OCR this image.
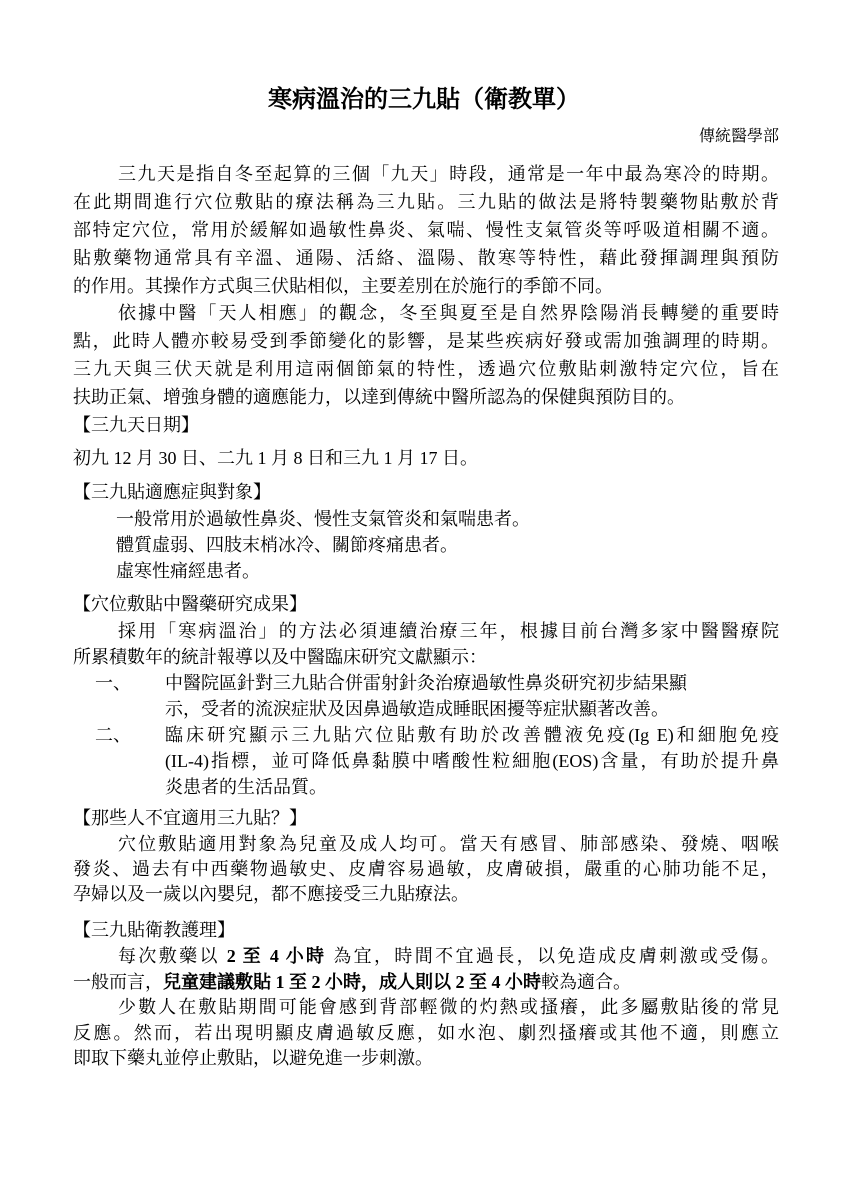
寒病溫治的三九貼（衛教單）
傳統醫學部
三九天是指自冬至起算的三個「九天」時段，通常是一年中最為寒冷的時期。
在此期間進行穴位敷貼的療法稱為三九貼。三九貼的做法是將特製藥物貼敷於背
部特定穴位，常用於緩解如過敏性鼻炎、氣喘、慢性支氣管炎等呼吸道相關不適。
貼敷藥物通常具有辛溫、通陽、活絡、溫陽、散寒等特性，藉此發揮調理與預防
的作用。其操作方式與三伏貼相似，主要差別在於施行的季節不同。
依據中醫「天人相應」的觀念，冬至與夏至是自然界陰陽消長轉變的重要時
點，此時人體亦較易受到季節變化的影響，是某些疾病好發或需加強調理的時期。
三九天與三伏天就是利用這兩個節氣的特性，透過穴位敷貼刺激特定穴位，旨在
扶助正氣、增強身體的適應能力，以達到傳統中醫所認為的保健與預防目的。
【三九天日期】
初九 12 月 30 日、二九 1 月 8 日和三九 1 月 17 日。
【三九貼適應症與對象】
一般常用於過敏性鼻炎、慢性支氣管炎和氣喘患者。
體質虛弱、四肢末梢冰冷、關節疼痛患者。
虛寒性痛經患者。
【穴位敷貼中醫藥研究成果】
採用「寒病溫治」的方法必須連續治療三年，根據目前台灣多家中醫醫療院
所累積數年的統計報導以及中醫臨床研究文獻顯示：
一、 中醫院區針對三九貼合併雷射針灸治療過敏性鼻炎研究初步結果顯
示，受者的流淚症狀及因鼻過敏造成睡眠困擾等症狀顯著改善。
二、 臨床研究顯示三九貼穴位貼敷有助於改善體液免疫(Ig E)和細胞免疫
(IL-4)指標，並可降低鼻黏膜中嗜酸性粒細胞(EOS)含量，有助於提升鼻
炎患者的生活品質。
【那些人不宜適用三九貼？】
穴位敷貼適用對象為兒童及成人均可。當天有感冒、肺部感染、發燒、咽喉
發炎、過去有中西藥物過敏史、皮膚容易過敏，皮膚破損，嚴重的心肺功能不足，
孕婦以及一歲以內嬰兒，都不應接受三九貼療法。
【三九貼衛教護理】
每次敷藥以 2 至 4 小時 為宜，時間不宜過長，以免造成皮膚刺激或受傷。
一般而言，兒童建議敷貼 1 至 2 小時，成人則以 2 至 4 小時較為適合。
少數人在敷貼期間可能會感到背部輕微的灼熱或搔癢，此多屬敷貼後的常見
反應。然而，若出現明顯皮膚過敏反應，如水泡、劇烈搔癢或其他不適，則應立
即取下藥丸並停止敷貼，以避免進一步刺激。
